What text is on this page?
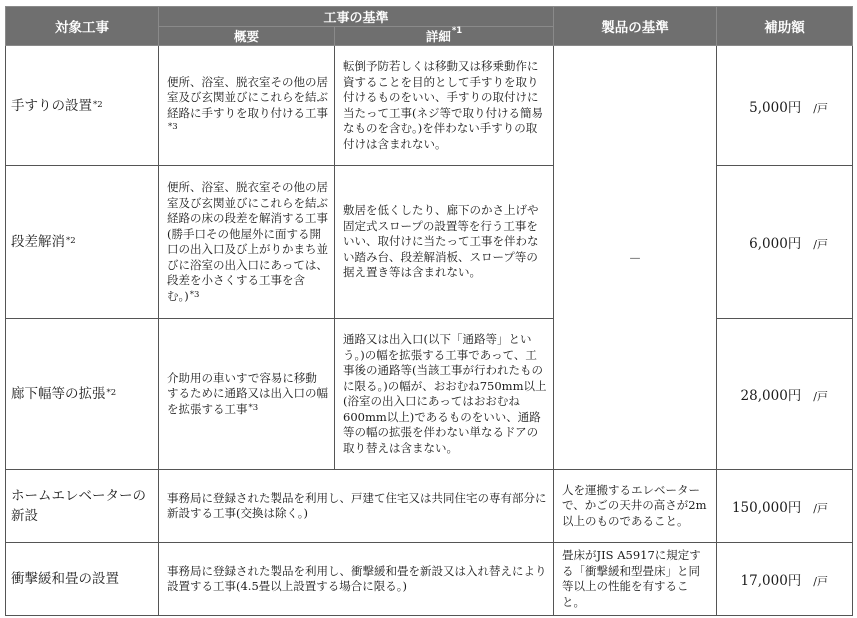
対象工事	工事の基準		製品の基準	補助額
	概要	詳細$^{*1}$
手すりの設置$^{*2}$	便所、浴室、脱衣室その他の居室及び玄関並びにこれらを結ぶ経路に手すりを取り付ける工事$^{*3}$	転倒予防若しくは移動又は移乗動作に資することを目的として手すりを取り付けるものをいい、手すりの取付けに当たって工事(ネジ等で取り付ける簡易なものを含む。)を伴わない手すりの取付けは含まれない。	－	5,000円 /戸
段差解消$^{*2}$	便所、浴室、脱衣室その他の居室及び玄関並びにこれらを結ぶ経路の床の段差を解消する工事(勝手口その他屋外に面する開口の出入口及び上がりかまち並びに浴室の出入口にあっては、段差を小さくする工事を含む。)$^{*3}$	敷居を低くしたり、廊下のかさ上げや固定式スロープの設置等を行う工事をいい、取付けに当たって工事を伴わない踏み台、段差解消板、スロープ等の据え置き等は含まれない。		6,000円 /戸
廊下幅等の拡張$^{*2}$	介助用の車いすで容易に移動するために通路又は出入口の幅を拡張する工事$^{*3}$	通路又は出入口(以下「通路等」という。)の幅を拡張する工事であって、工事後の通路等(当該工事が行われたものに限る。)の幅が、おおむね750mm以上(浴室の出入口にあってはおおむね600mm以上)であるものをいい、通路等の幅の拡張を伴わない単なるドアの取り替えは含まない。		28,000円 /戸
ホームエレベーターの新設	事務局に登録された製品を利用し、戸建て住宅又は共同住宅の専有部分に新設する工事(交換は除く。)		人を運搬するエレベーターで、かごの天井の高さが2m以上のものであること。	150,000円 /戸
衝撃緩和畳の設置	事務局に登録された製品を利用し、衝撃緩和畳を新設又は入れ替えにより設置する工事(4.5畳以上設置する場合に限る。)		畳床がJIS A5917に規定する「衝撃緩和型畳床」と同等以上の性能を有すること。	17,000円 /戸
